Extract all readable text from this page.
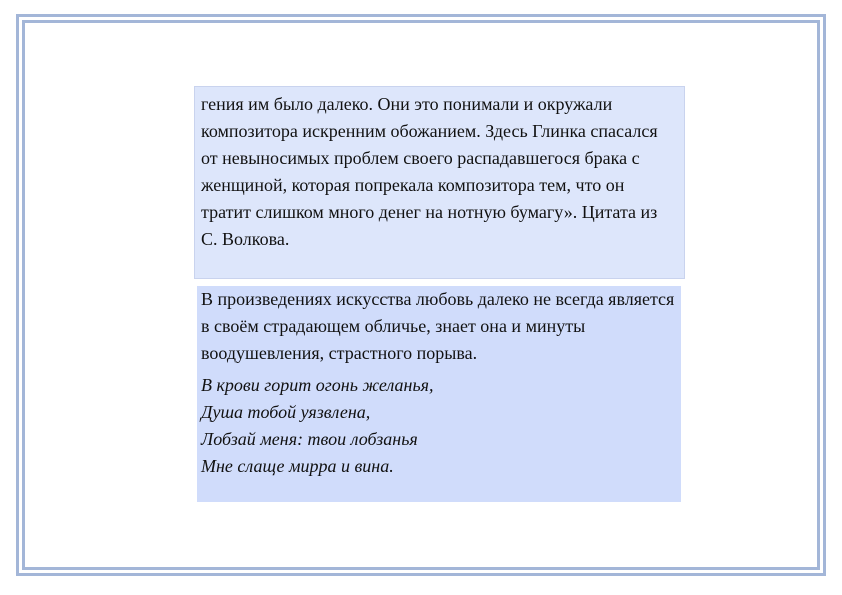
гения им было далеко. Они это понимали и окружали композитора искренним обожанием. Здесь Глинка спасался от невыносимых проблем своего распадавшегося брака с женщиной, которая попрекала композитора тем, что он тратит слишком много денег на нотную бумагу». Цитата из С. Волкова.

В произведениях искусства любовь далеко не всегда является в своём страдающем обличье, знает она и минуты воодушевления, страстного порыва.

В крови горит огонь желанья,
Душа тобой уязвлена,
Лобзай меня: твои лобзанья
Мне слаще мирра и вина.
